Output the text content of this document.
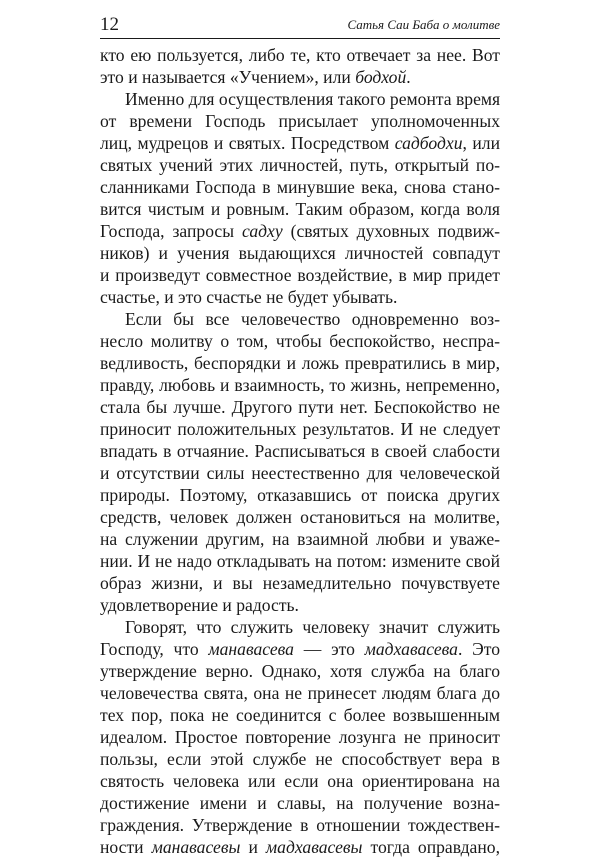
12	Сатья Саи Баба о молитве
кто ею пользуется, либо те, кто отвечает за нее. Вот
это и называется «Учением», или бодхой.
Именно для осуществления такого ремонта время
от времени Господь присылает уполномоченных
лиц, мудрецов и святых. Посредством садбодхи, или
святых учений этих личностей, путь, открытый по-
сланниками Господа в минувшие века, снова стано-
вится чистым и ровным. Таким образом, когда воля
Господа, запросы садху (святых духовных подвиж-
ников) и учения выдающихся личностей совпадут
и произведут совместное воздействие, в мир придет
счастье, и это счастье не будет убывать.
Если бы все человечество одновременно воз-
несло молитву о том, чтобы беспокойство, неспра-
ведливость, беспорядки и ложь превратились в мир,
правду, любовь и взаимность, то жизнь, непременно,
стала бы лучше. Другого пути нет. Беспокойство не
приносит положительных результатов. И не следует
впадать в отчаяние. Расписываться в своей слабости
и отсутствии силы неестественно для человеческой
природы. Поэтому, отказавшись от поиска других
средств, человек должен остановиться на молитве,
на служении другим, на взаимной любви и уваже-
нии. И не надо откладывать на потом: измените свой
образ жизни, и вы незамедлительно почувствуете
удовлетворение и радость.
Говорят, что служить человеку значит служить
Господу, что манавасева — это мадхавасева. Это
утверждение верно. Однако, хотя служба на благо
человечества свята, она не принесет людям блага до
тех пор, пока не соединится с более возвышенным
идеалом. Простое повторение лозунга не приносит
пользы, если этой службе не способствует вера в
святость человека или если она ориентирована на
достижение имени и славы, на получение возна-
граждения. Утверждение в отношении тождествен-
ности манавасевы и мадхавасевы тогда оправдано,
